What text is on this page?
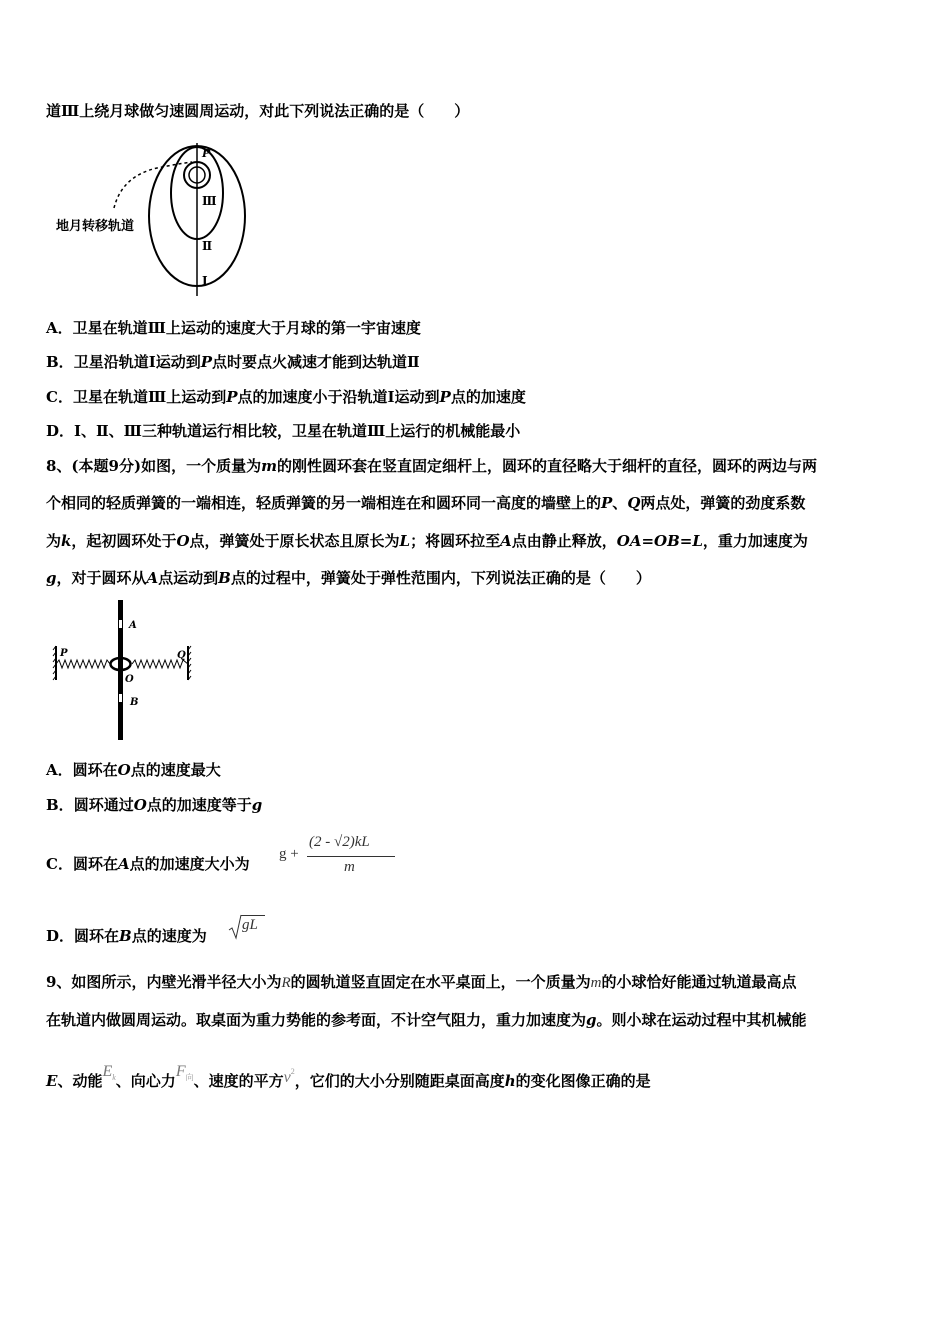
道Ⅲ上绕月球做匀速圆周运动，对此下列说法正确的是（　　）
P
Ⅲ
Ⅱ
Ⅰ
地月转移轨道
A．卫星在轨道Ⅲ上运动的速度大于月球的第一宇宙速度
B．卫星沿轨道Ⅰ运动到P点时要点火减速才能到达轨道Ⅱ
C．卫星在轨道Ⅲ上运动到P点的加速度小于沿轨道Ⅰ运动到P点的加速度
D．Ⅰ、Ⅱ、Ⅲ三种轨道运行相比较，卫星在轨道Ⅲ上运行的机械能最小
8、(本题9分)如图，一个质量为m的刚性圆环套在竖直固定细杆上，圆环的直径略大于细杆的直径，圆环的两边与两
个相同的轻质弹簧的一端相连，轻质弹簧的另一端相连在和圆环同一高度的墙壁上的P、Q两点处，弹簧的劲度系数
为k，起初圆环处于O点，弹簧处于原长状态且原长为L；将圆环拉至A点由静止释放，OA=OB=L，重力加速度为
g，对于圆环从A点运动到B点的过程中，弹簧处于弹性范围内，下列说法正确的是（　　）
A
O
B
P	Q
A．圆环在O点的速度最大
B．圆环通过O点的加速度等于g
C．圆环在A点的加速度大小为
g +
(2 - √2)kL
m
D．圆环在B点的速度为
gL
9、如图所示，内壁光滑半径大小为R的圆轨道竖直固定在水平桌面上，一个质量为m的小球恰好能通过轨道最高点
在轨道内做圆周运动。取桌面为重力势能的参考面，不计空气阻力，重力加速度为g。则小球在运动过程中其机械能
E、动能$E^k$、向心力$F^向$、速度的平方$v^2$，它们的大小分别随距桌面高度h的变化图像正确的是
